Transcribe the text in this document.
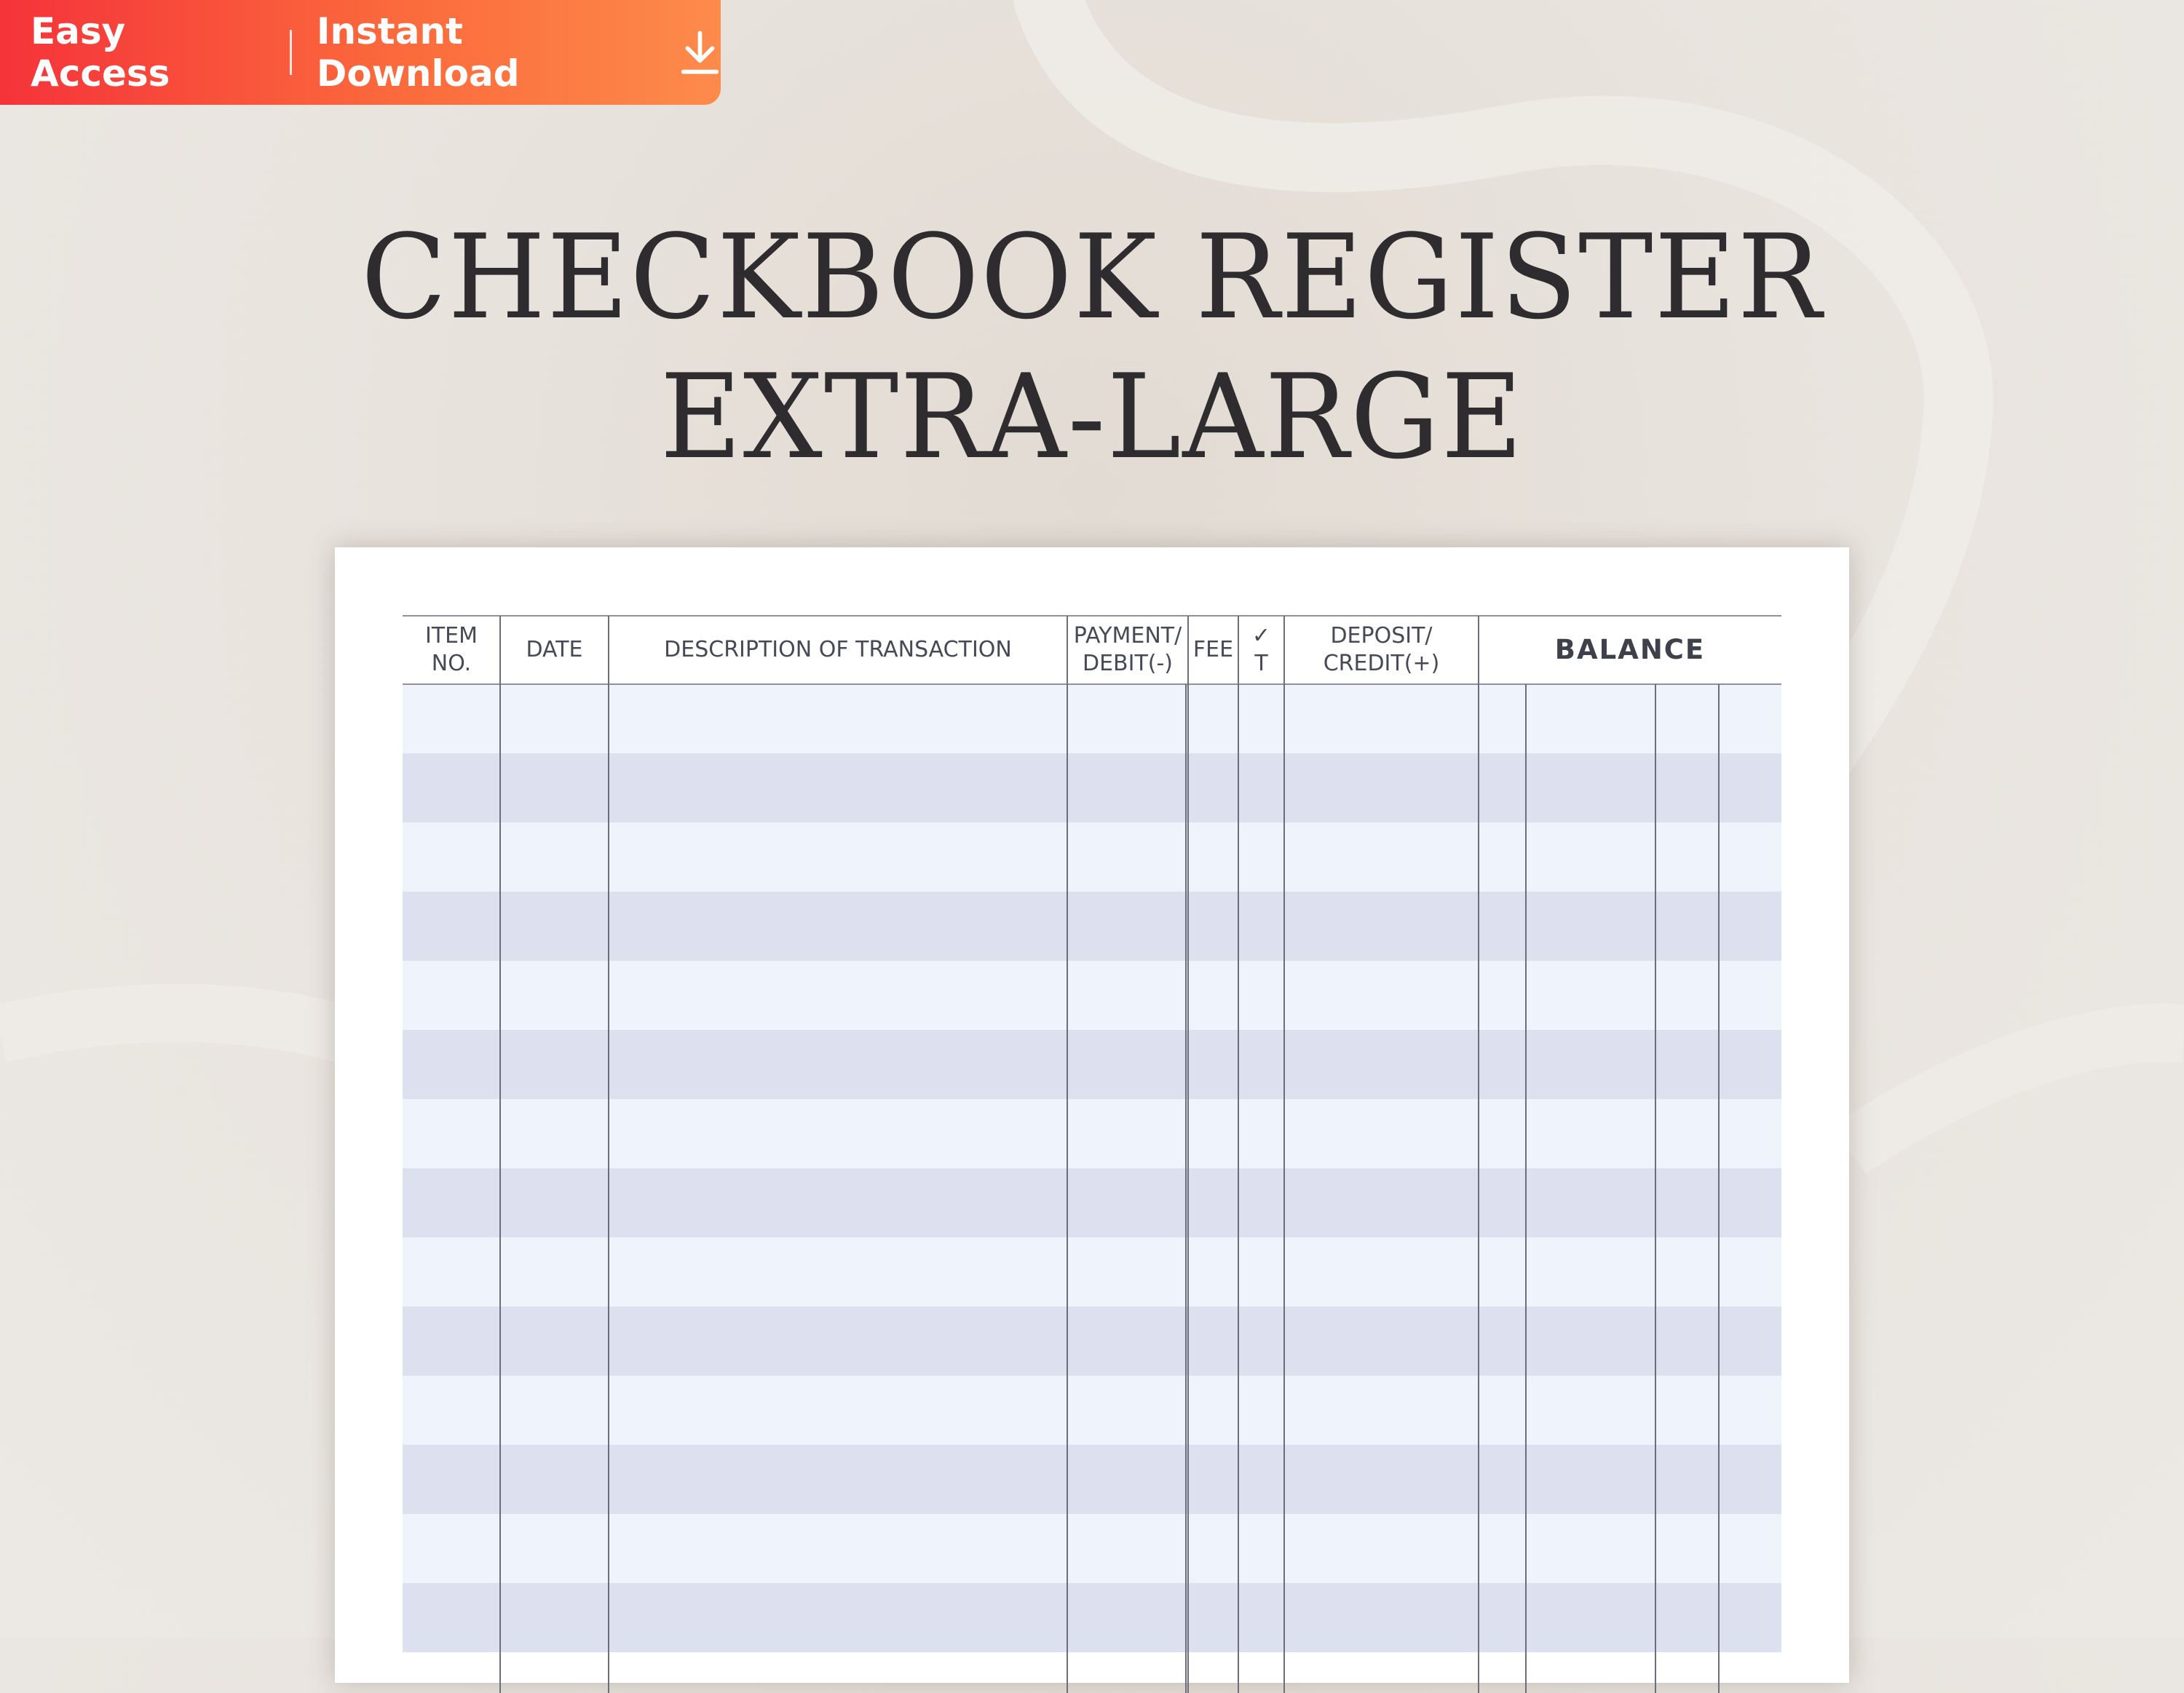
Easy Access
Instant Download
CHECKBOOK REGISTER
EXTRA-LARGE
ITEM
NO.
DATE	DESCRIPTION OF TRANSACTION
PAYMENT/
DEBIT(-)
FEE
✓
T
DEPOSIT/
CREDIT(+)	BALANCE
